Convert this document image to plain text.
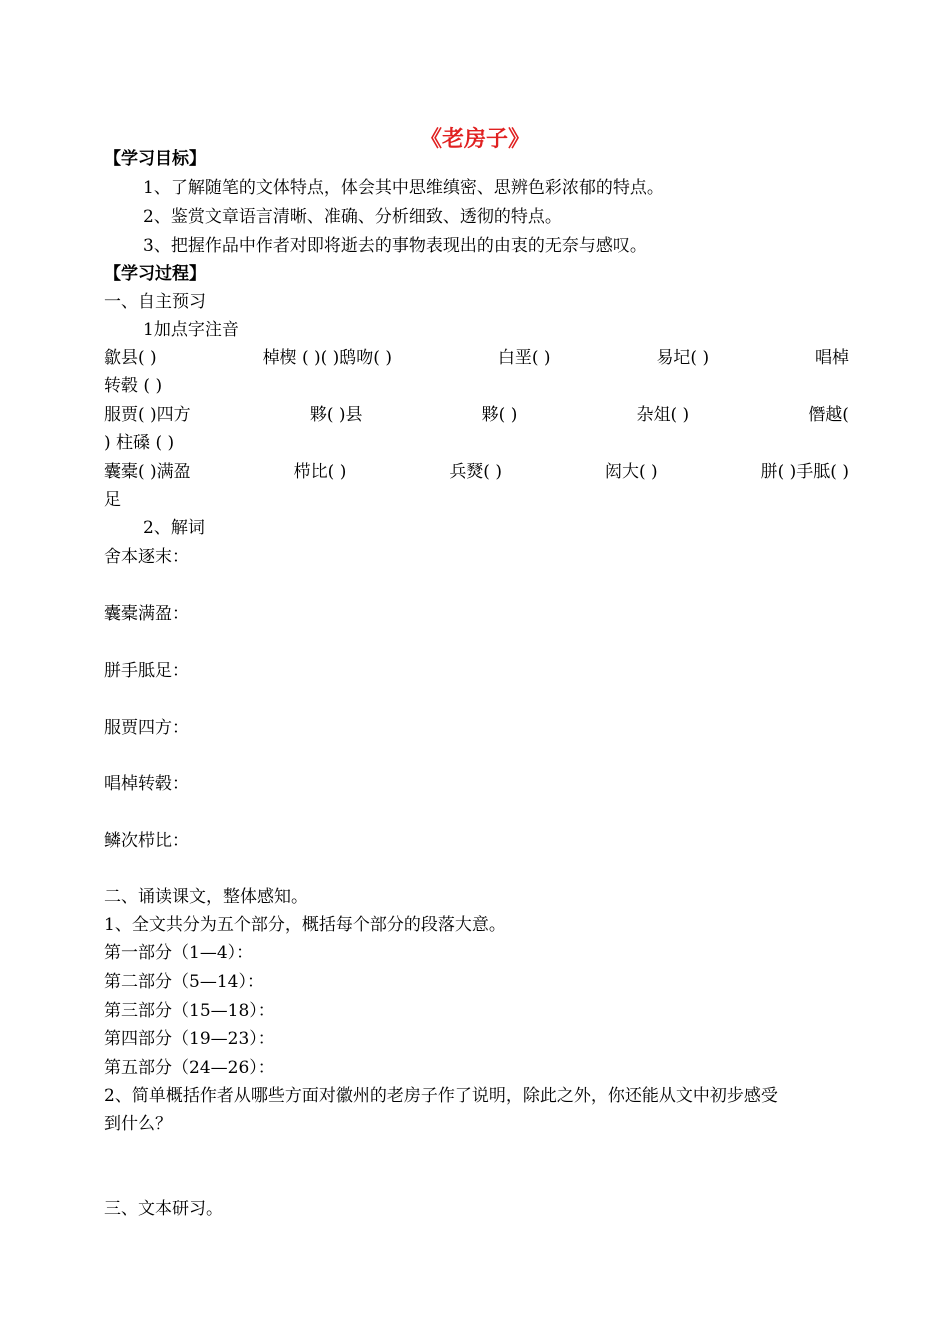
《老房子》
【学习目标】
1、了解随笔的文体特点，体会其中思维缜密、思辨色彩浓郁的特点。
2、鉴赏文章语言清晰、准确、分析细致、透彻的特点。
3、把握作品中作者对即将逝去的事物表现出的由衷的无奈与感叹。
【学习过程】
一、自主预习
1加点字注音
歙县( )	棹楔 ( )( )鸱吻( )	白垩( )	易圮( )	唱棹
转毂 ( )
服贾( )四方	夥( )县	夥( )	杂俎( )	僭越(
) 柱磉 ( )
囊橐( )满盈	栉比( )	兵燹( )	闳大( )	胼( )手胝( )
足
2、解词
舍本逐末：
囊橐满盈：
胼手胝足：
服贾四方：
唱棹转毂：
鳞次栉比：
二、诵读课文，整体感知。
1、全文共分为五个部分，概括每个部分的段落大意。
第一部分（1—4）：
第二部分（5—14）：
第三部分（15—18）：
第四部分（19—23）：
第五部分（24—26）：
2、简单概括作者从哪些方面对徽州的老房子作了说明，除此之外，你还能从文中初步感受
到什么？
三、文本研习。
